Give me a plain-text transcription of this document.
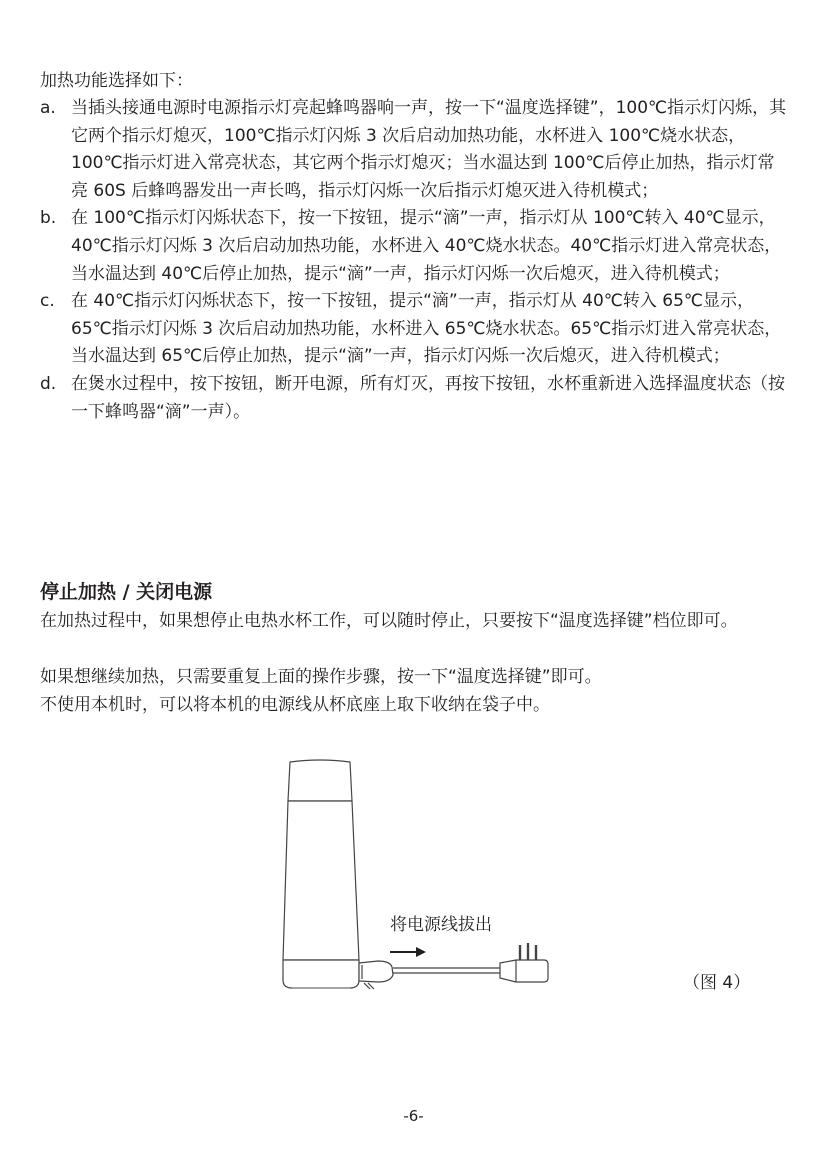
加热功能选择如下：
a. 当插头接通电源时电源指示灯亮起蜂鸣器响一声，按一下“温度选择键”，100℃指示灯闪烁，其它两个指示灯熄灭，100℃指示灯闪烁 3 次后启动加热功能，水杯进入 100℃烧水状态，100℃指示灯进入常亮状态，其它两个指示灯熄灭；当水温达到 100℃后停止加热，指示灯常亮 60S 后蜂鸣器发出一声长鸣，指示灯闪烁一次后指示灯熄灭进入待机模式；
b. 在 100℃指示灯闪烁状态下，按一下按钮，提示“滴”一声，指示灯从 100℃转入 40℃显示，40℃指示灯闪烁 3 次后启动加热功能，水杯进入 40℃烧水状态。40℃指示灯进入常亮状态，当水温达到 40℃后停止加热，提示“滴”一声，指示灯闪烁一次后熄灭，进入待机模式；
c. 在 40℃指示灯闪烁状态下，按一下按钮，提示“滴”一声，指示灯从 40℃转入 65℃显示，65℃指示灯闪烁 3 次后启动加热功能，水杯进入 65℃烧水状态。65℃指示灯进入常亮状态，当水温达到 65℃后停止加热，提示“滴”一声，指示灯闪烁一次后熄灭，进入待机模式；
d. 在煲水过程中，按下按钮，断开电源，所有灯灭，再按下按钮，水杯重新进入选择温度状态（按一下蜂鸣器“滴”一声）。
停止加热 / 关闭电源

在加热过程中，如果想停止电热水杯工作，可以随时停止，只要按下“温度选择键”档位即可。

如果想继续加热，只需要重复上面的操作步骤，按一下“温度选择键”即可。

不使用本机时，可以将本机的电源线从杯底座上取下收纳在袋子中。

将电源线拔出
（图 4）
-6-
